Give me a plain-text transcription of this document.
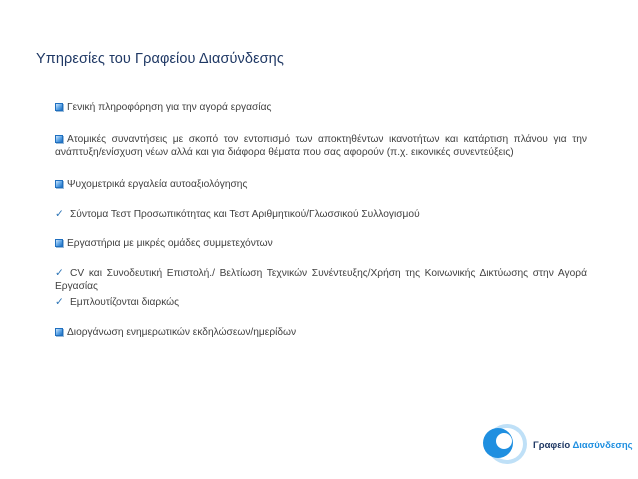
Υπηρεσίες του Γραφείου Διασύνδεσης
Γενική πληροφόρηση για την αγορά εργασίας
Ατομικές συναντήσεις με σκοπό τον εντοπισμό των αποκτηθέντων ικανοτήτων και κατάρτιση πλάνου για την ανάπτυξη/ενίσχυση νέων αλλά και για διάφορα θέματα που σας αφορούν (π.χ. εικονικές συνεντεύξεις)
Ψυχομετρικά εργαλεία αυτοαξιολόγησης
✓ Σύντομα Τεστ Προσωπικότητας και Τεστ Αριθμητικού/Γλωσσικού Συλλογισμού
Εργαστήρια με μικρές ομάδες συμμετεχόντων
✓ CV και Συνοδευτική Επιστολή./ Βελτίωση Τεχνικών Συνέντευξης/Χρήση της Κοινωνικής Δικτύωσης στην Αγορά Εργασίας
✓ Εμπλουτίζονται διαρκώς
Διοργάνωση ενημερωτικών εκδηλώσεων/ημερίδων
Γραφείο Διασύνδεσης
